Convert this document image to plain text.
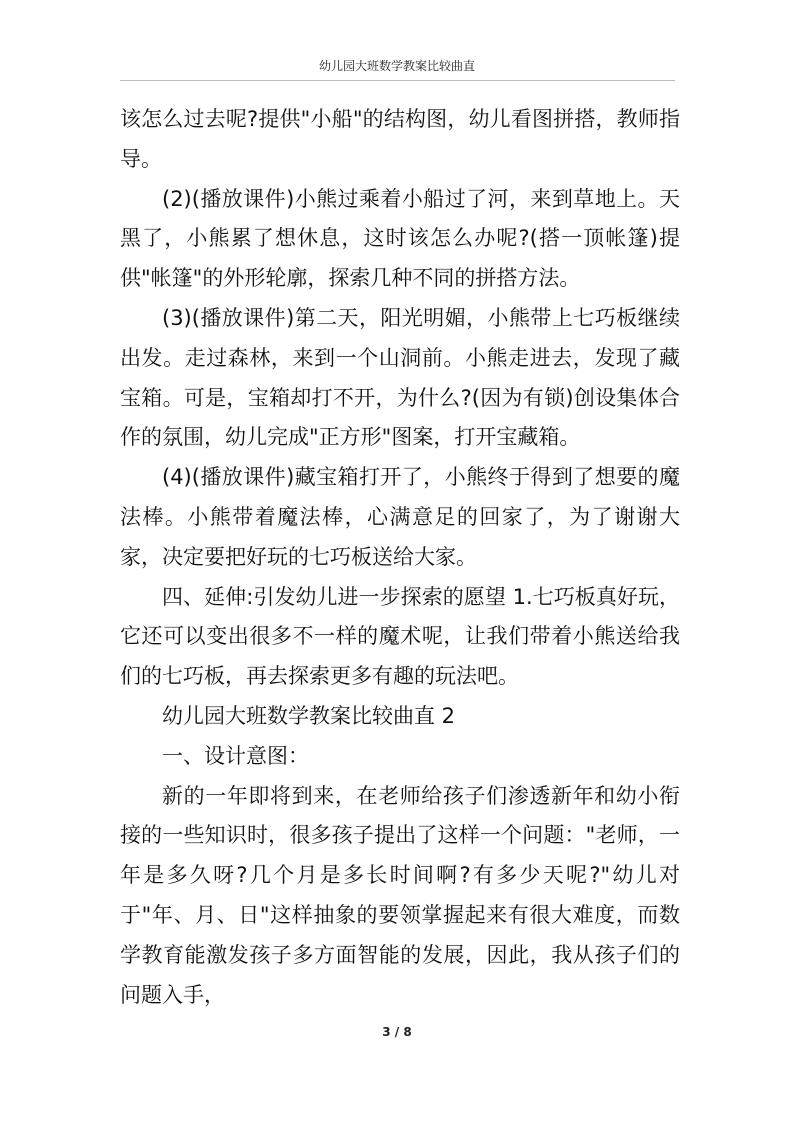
幼儿园大班数学教案比较曲直

该怎么过去呢?提供"小船"的结构图，幼儿看图拼搭，教师指导。

(2)(播放课件)小熊过乘着小船过了河，来到草地上。天黑了，小熊累了想休息，这时该怎么办呢?(搭一顶帐篷)提供"帐篷"的外形轮廓，探索几种不同的拼搭方法。

(3)(播放课件)第二天，阳光明媚，小熊带上七巧板继续出发。走过森林，来到一个山洞前。小熊走进去，发现了藏宝箱。可是，宝箱却打不开，为什么?(因为有锁)创设集体合作的氛围，幼儿完成"正方形"图案，打开宝藏箱。

(4)(播放课件)藏宝箱打开了，小熊终于得到了想要的魔法棒。小熊带着魔法棒，心满意足的回家了，为了谢谢大家，决定要把好玩的七巧板送给大家。

四、延伸:引发幼儿进一步探索的愿望 1.七巧板真好玩，它还可以变出很多不一样的魔术呢，让我们带着小熊送给我们的七巧板，再去探索更多有趣的玩法吧。

幼儿园大班数学教案比较曲直 2

一、设计意图：

新的一年即将到来，在老师给孩子们渗透新年和幼小衔接的一些知识时，很多孩子提出了这样一个问题："老师，一年是多久呀?几个月是多长时间啊?有多少天呢?"幼儿对于"年、月、日"这样抽象的要领掌握起来有很大难度，而数学教育能激发孩子多方面智能的发展，因此，我从孩子们的问题入手，

3 / 8
